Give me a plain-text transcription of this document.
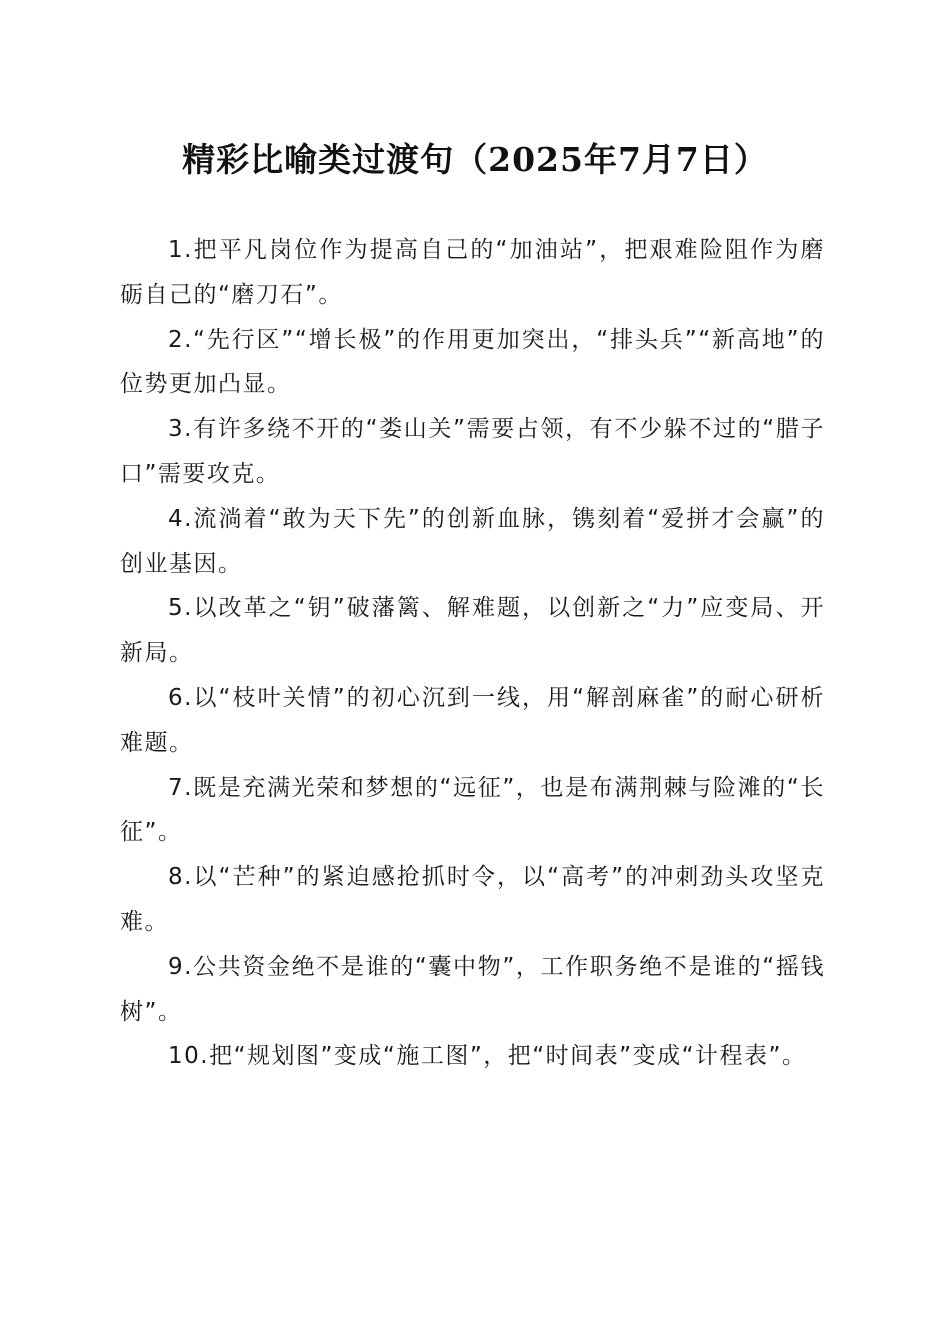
精彩比喻类过渡句（2025年7月7日）

1.把平凡岗位作为提高自己的“加油站”，把艰难险阻作为磨砺自己的“磨刀石”。

2.“先行区”“增长极”的作用更加突出，“排头兵”“新高地”的位势更加凸显。

3.有许多绕不开的“娄山关”需要占领，有不少躲不过的“腊子口”需要攻克。

4.流淌着“敢为天下先”的创新血脉，镌刻着“爱拼才会赢”的创业基因。

5.以改革之“钥”破藩篱、解难题，以创新之“力”应变局、开新局。

6.以“枝叶关情”的初心沉到一线，用“解剖麻雀”的耐心研析难题。

7.既是充满光荣和梦想的“远征”，也是布满荆棘与险滩的“长征”。

8.以“芒种”的紧迫感抢抓时令，以“高考”的冲刺劲头攻坚克难。

9.公共资金绝不是谁的“囊中物”，工作职务绝不是谁的“摇钱树”。

10.把“规划图”变成“施工图”，把“时间表”变成“计程表”。
